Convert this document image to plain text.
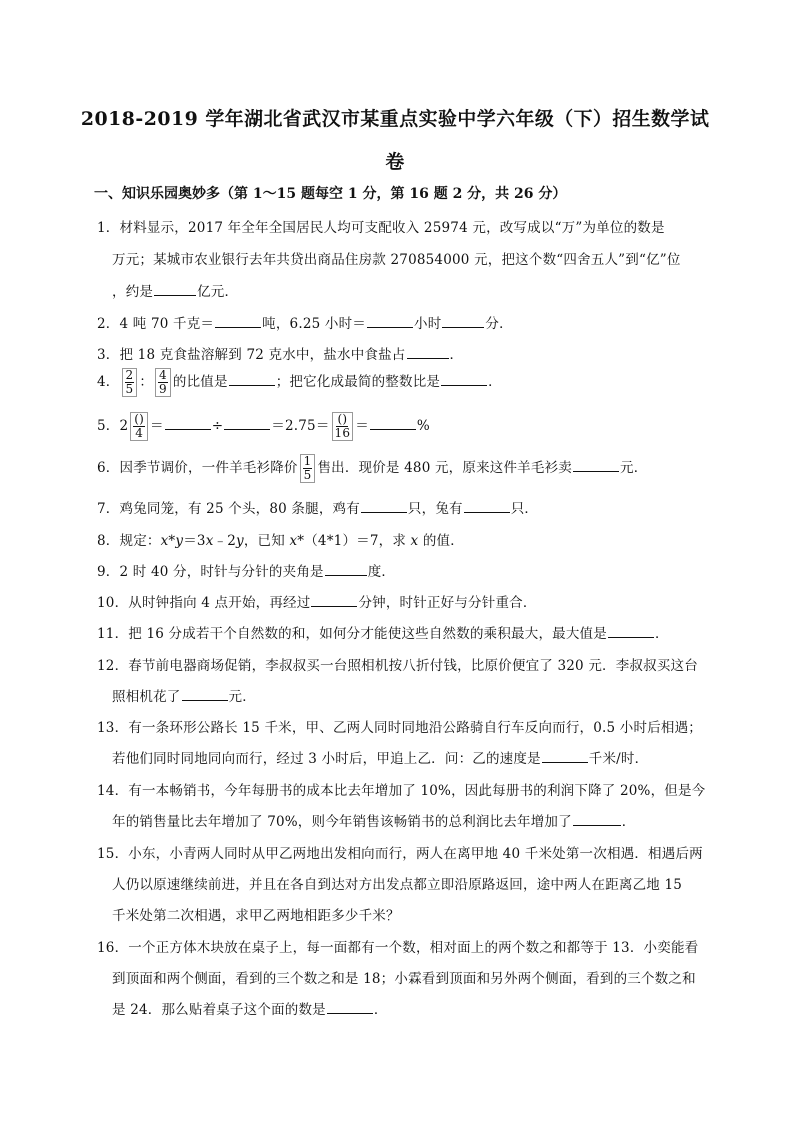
2018-2019 学年湖北省武汉市某重点实验中学六年级（下）招生数学试
卷
一、知识乐园奥妙多（第 1～15 题每空 1 分，第 16 题 2 分，共 26 分）
1．材料显示，2017 年全年全国居民人均可支配收入 25974 元，改写成以“万”为单位的数是
万元；某城市农业银行去年共贷出商品住房款 270854000 元，把这个数“四舍五人”到“亿”位
，约是	亿元．
2．4 吨 70 千克＝	吨，6.25 小时＝	小时	分．
3．把 18 克食盐溶解到 72 克水中，盐水中食盐占	．
4． $\frac{2}{5}$ ： $\frac{4}{9}$ 的比值是	；把它化成最简的整数比是	．
5．$2 \frac{()}{4}$ ＝	÷	$=2.75= \frac{()}{16}$ ＝	%
6．因季节调价，一件羊毛衫降价 $\frac{1}{5}$ 售出．现价是 480 元，原来这件羊毛衫卖	元．
7．鸡兔同笼，有 25 个头，80 条腿，鸡有	只，兔有	只．
8．规定：x*y＝3x﹣2y，已知 x*（4*1）＝7，求 x 的值．
9．2 时 40 分，时针与分针的夹角是	度．
10．从时钟指向 4 点开始，再经过	分钟，时针正好与分针重合．
11．把 16 分成若干个自然数的和，如何分才能使这些自然数的乘积最大，最大值是	．
12．春节前电器商场促销，李叔叔买一台照相机按八折付钱，比原价便宜了 320 元．李叔叔买这台
照相机花了	元．
13．有一条环形公路长 15 千米，甲、乙两人同时同地沿公路骑自行车反向而行，0.5 小时后相遇；
若他们同时同地同向而行，经过 3 小时后，甲追上乙．问：乙的速度是	千米/时．
14．有一本畅销书，今年每册书的成本比去年增加了 10%，因此每册书的利润下降了 20%，但是今
年的销售量比去年增加了 70%，则今年销售该畅销书的总利润比去年增加了	．
15．小东，小青两人同时从甲乙两地出发相向而行，两人在离甲地 40 千米处第一次相遇．相遇后两
人仍以原速继续前进，并且在各自到达对方出发点都立即沿原路返回，途中两人在距离乙地 15
千米处第二次相遇，求甲乙两地相距多少千米？
16．一个正方体木块放在桌子上，每一面都有一个数，相对面上的两个数之和都等于 13．小奕能看
到顶面和两个侧面，看到的三个数之和是 18；小霖看到顶面和另外两个侧面，看到的三个数之和
是 24．那么贴着桌子这个面的数是	．
